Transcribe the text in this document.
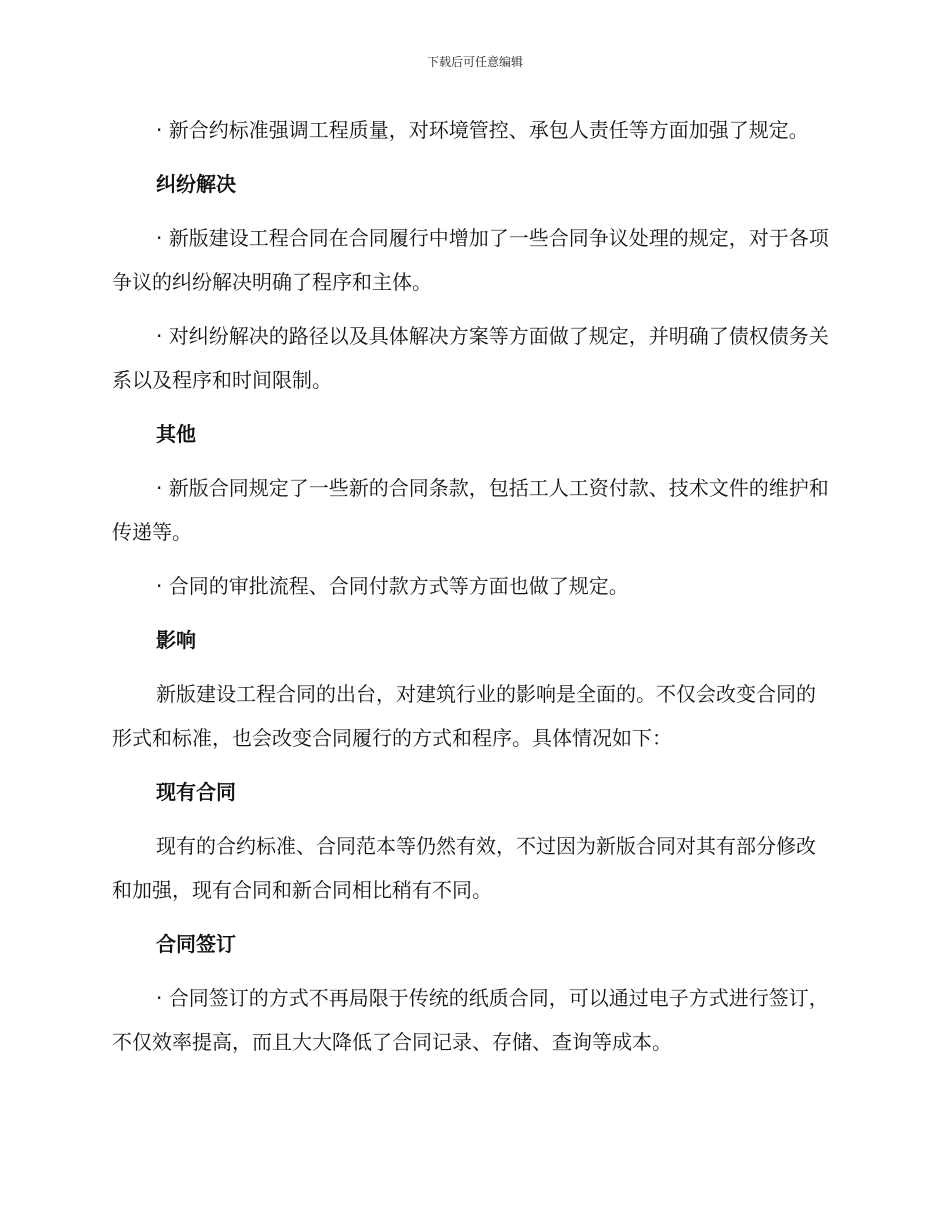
下载后可任意编辑

· 新合约标准强调工程质量，对环境管控、承包人责任等方面加强了规定。

纠纷解决

· 新版建设工程合同在合同履行中增加了一些合同争议处理的规定，对于各项争议的纠纷解决明确了程序和主体。

· 对纠纷解决的路径以及具体解决方案等方面做了规定，并明确了债权债务关系以及程序和时间限制。

其他

· 新版合同规定了一些新的合同条款，包括工人工资付款、技术文件的维护和传递等。

· 合同的审批流程、合同付款方式等方面也做了规定。

影响

新版建设工程合同的出台，对建筑行业的影响是全面的。不仅会改变合同的形式和标准，也会改变合同履行的方式和程序。具体情况如下：

现有合同

现有的合约标准、合同范本等仍然有效，不过因为新版合同对其有部分修改和加强，现有合同和新合同相比稍有不同。

合同签订

· 合同签订的方式不再局限于传统的纸质合同，可以通过电子方式进行签订，不仅效率提高，而且大大降低了合同记录、存储、查询等成本。
